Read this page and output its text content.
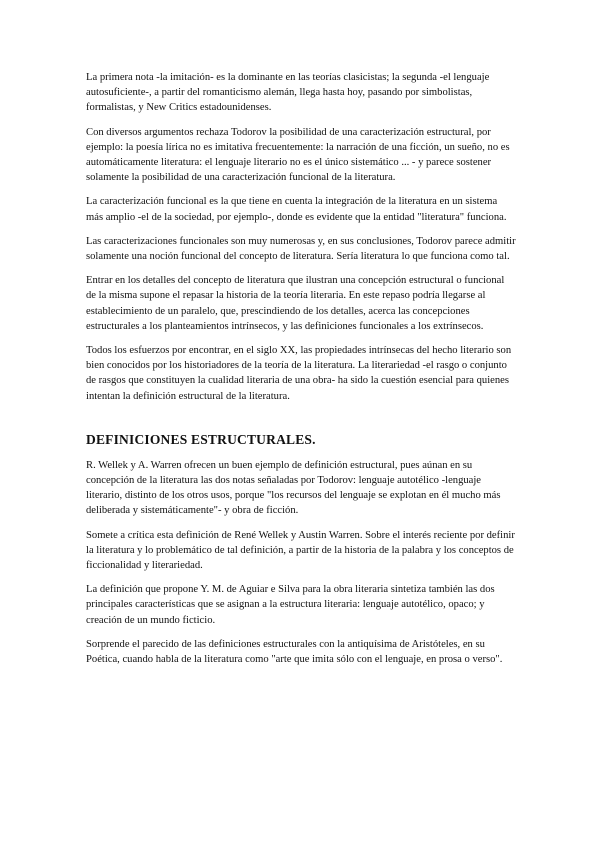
La primera nota -la imitación- es la dominante en las teorías clasicistas; la segunda -el lenguaje autosuficiente-, a partir del romanticismo alemán, llega hasta hoy, pasando por simbolistas, formalistas, y New Critics estadounidenses.

Con diversos argumentos rechaza Todorov la posibilidad de una caracterización estructural, por ejemplo: la poesía lírica no es imitativa frecuentemente: la narración de una ficción, un sueño, no es automáticamente literatura: el lenguaje literario no es el único sistemático ... - y parece sostener solamente la posibilidad de una caracterización funcional de la literatura.

La caracterización funcional es la que tiene en cuenta la integración de la literatura en un sistema más amplio -el de la sociedad, por ejemplo-, donde es evidente que la entidad "literatura" funciona.

Las caracterizaciones funcionales son muy numerosas y, en sus conclusiones, Todorov parece admitir solamente una noción funcional del concepto de literatura. Sería literatura lo que funciona como tal.

Entrar en los detalles del concepto de literatura que ilustran una concepción estructural o funcional de la misma supone el repasar la historia de la teoría literaria. En este repaso podría llegarse al establecimiento de un paralelo, que, prescindiendo de los detalles, acerca las concepciones estructurales a los planteamientos intrínsecos, y las definiciones funcionales a los extrínsecos.

Todos los esfuerzos por encontrar, en el siglo XX, las propiedades intrínsecas del hecho literario son bien conocidos por los historiadores de la teoría de la literatura. La literariedad -el rasgo o conjunto de rasgos que constituyen la cualidad literaria de una obra- ha sido la cuestión esencial para quienes intentan la definición estructural de la literatura.

DEFINICIONES ESTRUCTURALES.

R. Wellek y A. Warren ofrecen un buen ejemplo de definición estructural, pues aúnan en su concepción de la literatura las dos notas señaladas por Todorov: lenguaje autotélico -lenguaje literario, distinto de los otros usos, porque "los recursos del lenguaje se explotan en él mucho más deliberada y sistemáticamente"- y obra de ficción.

Somete a crítica esta definición de René Wellek y Austin Warren. Sobre el interés reciente por definir la literatura y lo problemático de tal definición, a partir de la historia de la palabra y los conceptos de ficcionalidad y literariedad.

La definición que propone Y. M. de Aguiar e Silva para la obra literaria sintetiza también las dos principales características que se asignan a la estructura literaria: lenguaje autotélico, opaco; y creación de un mundo ficticio.

Sorprende el parecido de las definiciones estructurales con la antiquísima de Aristóteles, en su Poética, cuando habla de la literatura como "arte que imita sólo con el lenguaje, en prosa o verso".
